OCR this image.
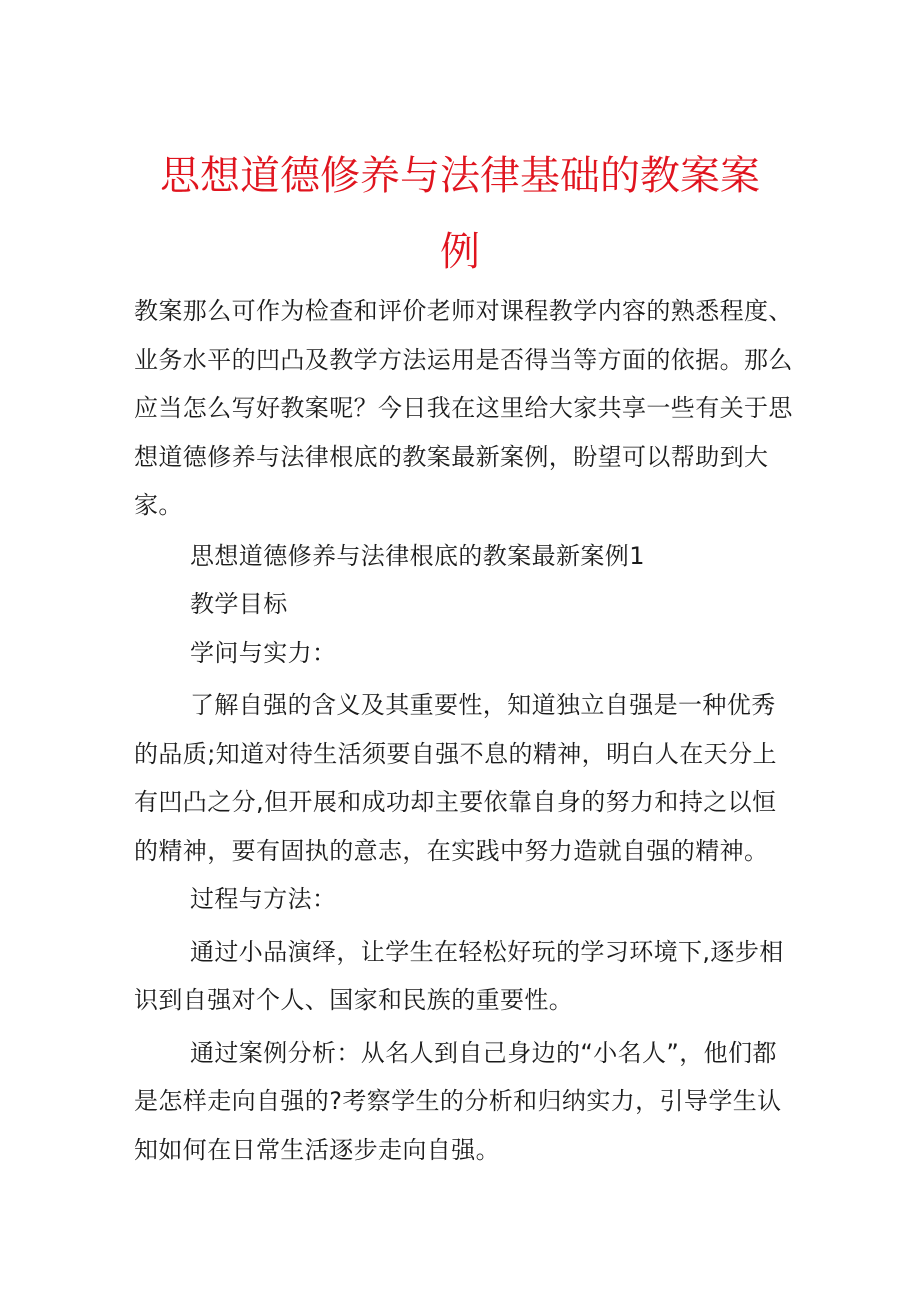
思想道德修养与法律基础的教案案
例

教案那么可作为检查和评价老师对课程教学内容的熟悉程度、业务水平的凹凸及教学方法运用是否得当等方面的依据。那么应当怎么写好教案呢？今日我在这里给大家共享一些有关于思想道德修养与法律根底的教案最新案例，盼望可以帮助到大家。

思想道德修养与法律根底的教案最新案例1

教学目标

学问与实力：

了解自强的含义及其重要性，知道独立自强是一种优秀的品质;知道对待生活须要自强不息的精神，明白人在天分上有凹凸之分,但开展和成功却主要依靠自身的努力和持之以恒的精神，要有固执的意志，在实践中努力造就自强的精神。

过程与方法：

通过小品演绎，让学生在轻松好玩的学习环境下,逐步相识到自强对个人、国家和民族的重要性。

通过案例分析：从名人到自己身边的“小名人”，他们都是怎样走向自强的?考察学生的分析和归纳实力，引导学生认知如何在日常生活逐步走向自强。
